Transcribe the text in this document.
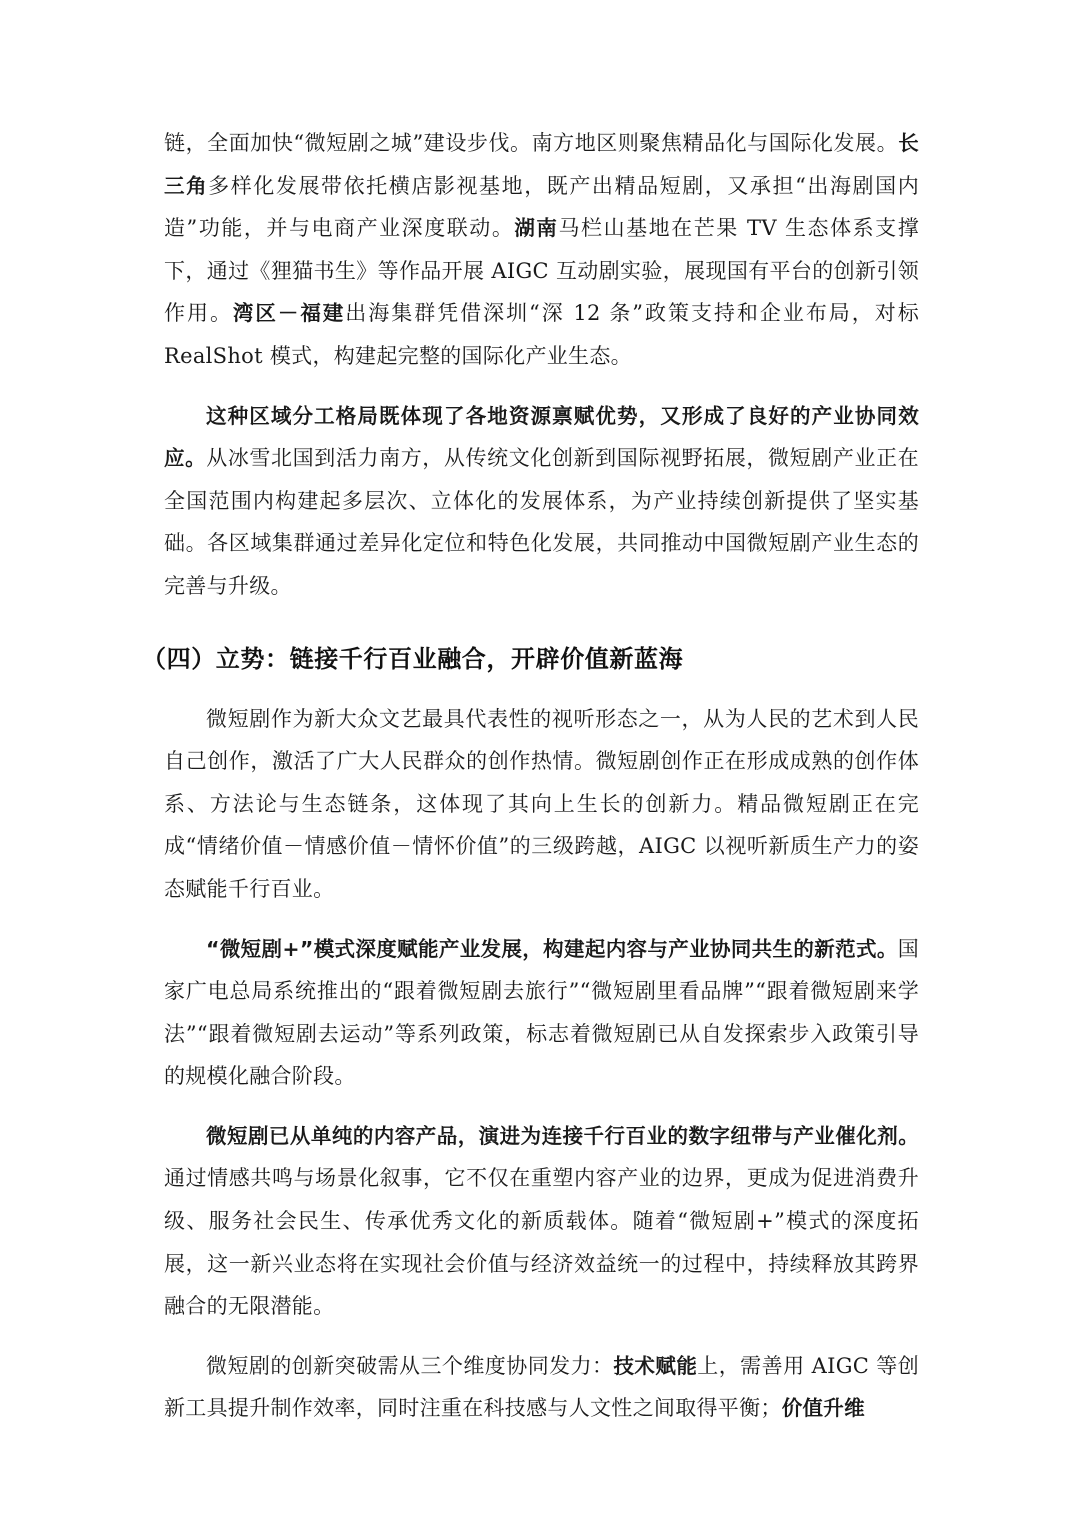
链，全面加快“微短剧之城”建设步伐。南方地区则聚焦精品化与国际化发展。长三角多样化发展带依托横店影视基地，既产出精品短剧，又承担“出海剧国内造”功能，并与电商产业深度联动。湖南马栏山基地在芒果 TV 生态体系支撑下，通过《狸猫书生》等作品开展 AIGC 互动剧实验，展现国有平台的创新引领作用。湾区－福建出海集群凭借深圳“深 12 条”政策支持和企业布局，对标 RealShot 模式，构建起完整的国际化产业生态。

这种区域分工格局既体现了各地资源禀赋优势，又形成了良好的产业协同效应。从冰雪北国到活力南方，从传统文化创新到国际视野拓展，微短剧产业正在全国范围内构建起多层次、立体化的发展体系，为产业持续创新提供了坚实基础。各区域集群通过差异化定位和特色化发展，共同推动中国微短剧产业生态的完善与升级。

（四）立势：链接千行百业融合，开辟价值新蓝海

微短剧作为新大众文艺最具代表性的视听形态之一，从为人民的艺术到人民自己创作，激活了广大人民群众的创作热情。微短剧创作正在形成成熟的创作体系、方法论与生态链条，这体现了其向上生长的创新力。精品微短剧正在完成“情绪价值－情感价值－情怀价值”的三级跨越，AIGC 以视听新质生产力的姿态赋能千行百业。

“微短剧+”模式深度赋能产业发展，构建起内容与产业协同共生的新范式。国家广电总局系统推出的“跟着微短剧去旅行”“微短剧里看品牌”“跟着微短剧来学法”“跟着微短剧去运动”等系列政策，标志着微短剧已从自发探索步入政策引导的规模化融合阶段。

微短剧已从单纯的内容产品，演进为连接千行百业的数字纽带与产业催化剂。通过情感共鸣与场景化叙事，它不仅在重塑内容产业的边界，更成为促进消费升级、服务社会民生、传承优秀文化的新质载体。随着“微短剧+”模式的深度拓展，这一新兴业态将在实现社会价值与经济效益统一的过程中，持续释放其跨界融合的无限潜能。

微短剧的创新突破需从三个维度协同发力：技术赋能上，需善用 AIGC 等创新工具提升制作效率，同时注重在科技感与人文性之间取得平衡；价值升维
